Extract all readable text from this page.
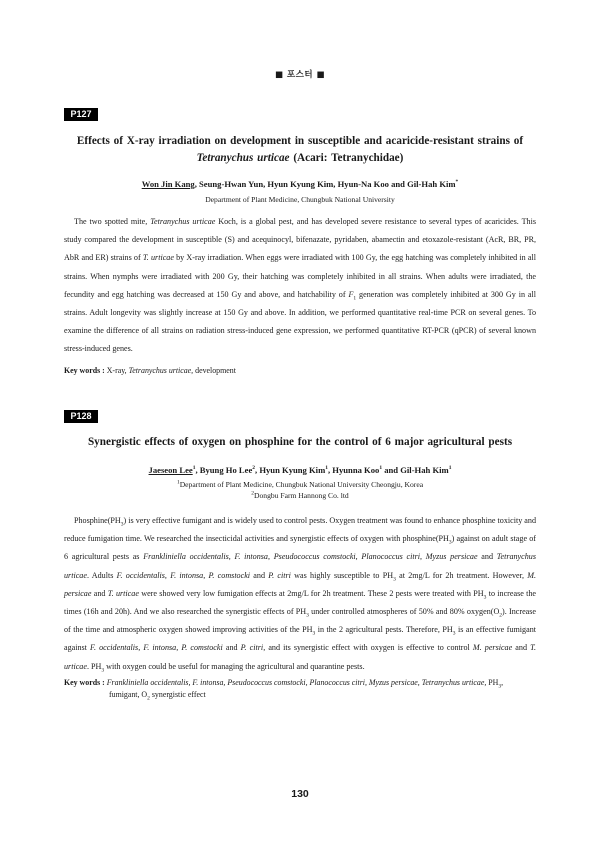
■ 포스터 ■
P127
Effects of X-ray irradiation on development in susceptible and acaricide-resistant strains of
Tetranychus urticae (Acari: Tetranychidae)
Won Jin Kang, Seung-Hwan Yun, Hyun Kyung Kim, Hyun-Na Koo and Gil-Hah Kim*
Department of Plant Medicine, Chungbuk National University

The two spotted mite, Tetranychus urticae Koch, is a global pest, and has developed severe resistance to several types of acaricides. This study compared the development in susceptible (S) and acequinocyl, bifenazate, pyridaben, abamectin and etoxazole-resistant (AcR, BR, PR, AbR and ER) strains of T. urticae by X-ray irradiation. When eggs were irradiated with 100 Gy, the egg hatching was completely inhibited in all strains. When nymphs were irradiated with 200 Gy, their hatching was completely inhibited in all strains. When adults were irradiated, the fecundity and egg hatching was decreased at 150 Gy and above, and hatchability of $F_1$ generation was completely inhibited at 300 Gy in all strains. Adult longevity was slightly increase at 150 Gy and above. In addition, we performed quantitative real-time PCR on several genes. To examine the difference of all strains on radiation stress-induced gene expression, we performed quantitative RT-PCR (qPCR) of several known stress-induced genes.

Key words : X-ray, Tetranychus urticae, development
P128
Synergistic effects of oxygen on phosphine for the control of 6 major agricultural pests
Jaeseon Lee$^1$, Byung Ho Lee$^2$, Hyun Kyung Kim$^1$, Hyunna Koo$^1$ and Gil-Hah Kim$^1$
$^1$Department of Plant Medicine, Chungbuk National University Cheongju, Korea
$^2$Dongbu Farm Hannong Co. ltd

$Phosphine(PH_3)$ is very effective fumigant and is widely used to control pests. Oxygen treatment was found to enhance phosphine toxicity and reduce fumigation time. We researched the insecticidal activities and synergistic effects of oxygen with $phosphine(PH_3)$ against on adult stage of 6 agricultural pests as Frankliniella occidentalis, F. intonsa, Pseudococcus comstocki, Planococcus citri, Myzus persicae and Tetranychus urticae. Adults F. occidentalis, F. intonsa, P. comstocki and P. citri was highly susceptible to $PH_3$ at 2mg/L for 2h treatment. However, M. persicae and T. urticae were showed very low fumigation effects at 2mg/L for 2h treatment. These 2 pests were treated with $PH_3$ to increase the times (16h and 20h). And we also researched the synergistic effects of $PH_3$ under controlled atmospheres of 50% and 80% $oxygen(O_2)$. Increase of the time and atmospheric oxygen showed improving activities of the $PH_3$ in the 2 agricultural pests. Therefore, $PH_3$ is an effective fumigant against F. occidentalis, F. intonsa, P. comstocki and P. citri, and its synergistic effect with oxygen is effective to control M. persicae and T. urticae. $PH_3$ with oxygen could be useful for managing the agricultural and quarantine pests.

Key words : Frankliniella occidentalis, F. intonsa, Pseudococcus comstocki, Planococcus citri, Myzus persicae, Tetranychus urticae, $PH_3$,
fumigant, $O_2$ synergistic effect
130
